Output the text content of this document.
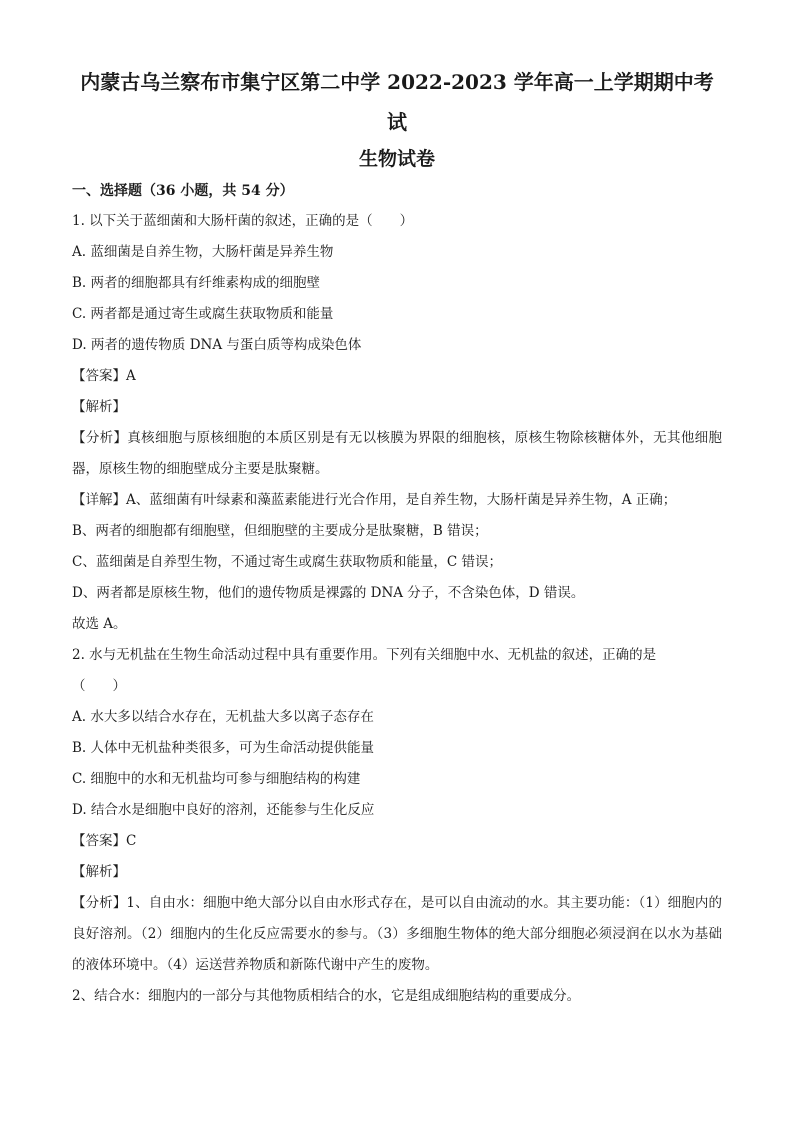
内蒙古乌兰察布市集宁区第二中学 2022-2023 学年高一上学期期中考

试

生物试卷

一、选择题（36 小题，共 54 分）

1. 以下关于蓝细菌和大肠杆菌的叙述，正确的是（　　）

A. 蓝细菌是自养生物，大肠杆菌是异养生物

B. 两者的细胞都具有纤维素构成的细胞壁

C. 两者都是通过寄生或腐生获取物质和能量

D. 两者的遗传物质 DNA 与蛋白质等构成染色体

【答案】A

【解析】

【分析】真核细胞与原核细胞的本质区别是有无以核膜为界限的细胞核，原核生物除核糖体外，无其他细胞器，原核生物的细胞壁成分主要是肽聚糖。

【详解】A、蓝细菌有叶绿素和藻蓝素能进行光合作用，是自养生物，大肠杆菌是异养生物，A 正确；

B、两者的细胞都有细胞壁，但细胞壁的主要成分是肽聚糖，B 错误；

C、蓝细菌是自养型生物，不通过寄生或腐生获取物质和能量，C 错误；

D、两者都是原核生物，他们的遗传物质是裸露的 DNA 分子，不含染色体，D 错误。

故选 A。

2. 水与无机盐在生物生命活动过程中具有重要作用。下列有关细胞中水、无机盐的叙述，正确的是

（　　）

A. 水大多以结合水存在，无机盐大多以离子态存在

B. 人体中无机盐种类很多，可为生命活动提供能量

C. 细胞中的水和无机盐均可参与细胞结构的构建

D. 结合水是细胞中良好的溶剂，还能参与生化反应

【答案】C

【解析】

【分析】1、自由水：细胞中绝大部分以自由水形式存在，是可以自由流动的水。其主要功能：（1）细胞内的良好溶剂。（2）细胞内的生化反应需要水的参与。（3）多细胞生物体的绝大部分细胞必须浸润在以水为基础的液体环境中。（4）运送营养物质和新陈代谢中产生的废物。

2、结合水：细胞内的一部分与其他物质相结合的水，它是组成细胞结构的重要成分。
